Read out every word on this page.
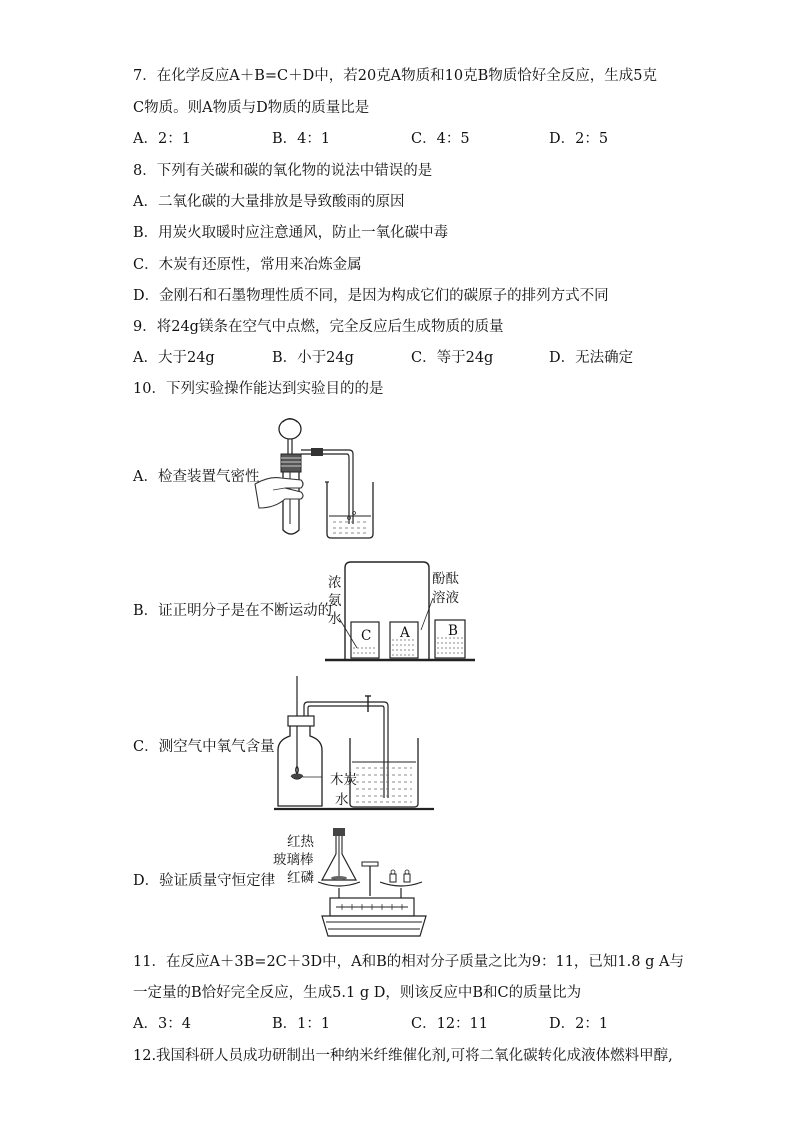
7．在化学反应A＋B=C＋D中，若20克A物质和10克B物质恰好全反应，生成5克
C物质。则A物质与D物质的质量比是
A．2：1	B．4：1	C．4：5	D．2：5
8．下列有关碳和碳的氧化物的说法中错误的是
A．二氧化碳的大量排放是导致酸雨的原因
B．用炭火取暖时应注意通风，防止一氧化碳中毒
C．木炭有还原性，常用来冶炼金属
D．金刚石和石墨物理性质不同，是因为构成它们的碳原子的排列方式不同
9．将24g镁条在空气中点燃，完全反应后生成物质的质量
A．大于24g	B．小于24g	C．等于24g	D．无法确定
10．下列实验操作能达到实验目的的是
A．检查装置气密性
B．证正明分子是在不断运动的
浓
氨
水
酚酞
溶液
C A	B
C．测空气中氧气含量
木炭
水
D．验证质量守恒定律
红热
玻璃棒
红磷
11．在反应A＋3B=2C＋3D中，A和B的相对分子质量之比为9：11，已知1.8 g A与
一定量的B恰好完全反应，生成5.1 g D，则该反应中B和C的质量比为
A．3：4	B．1：1	C．12：11	D．2：1
12.我国科研人员成功研制出一种纳米纤维催化剂,可将二氧化碳转化成液体燃料甲醇,
